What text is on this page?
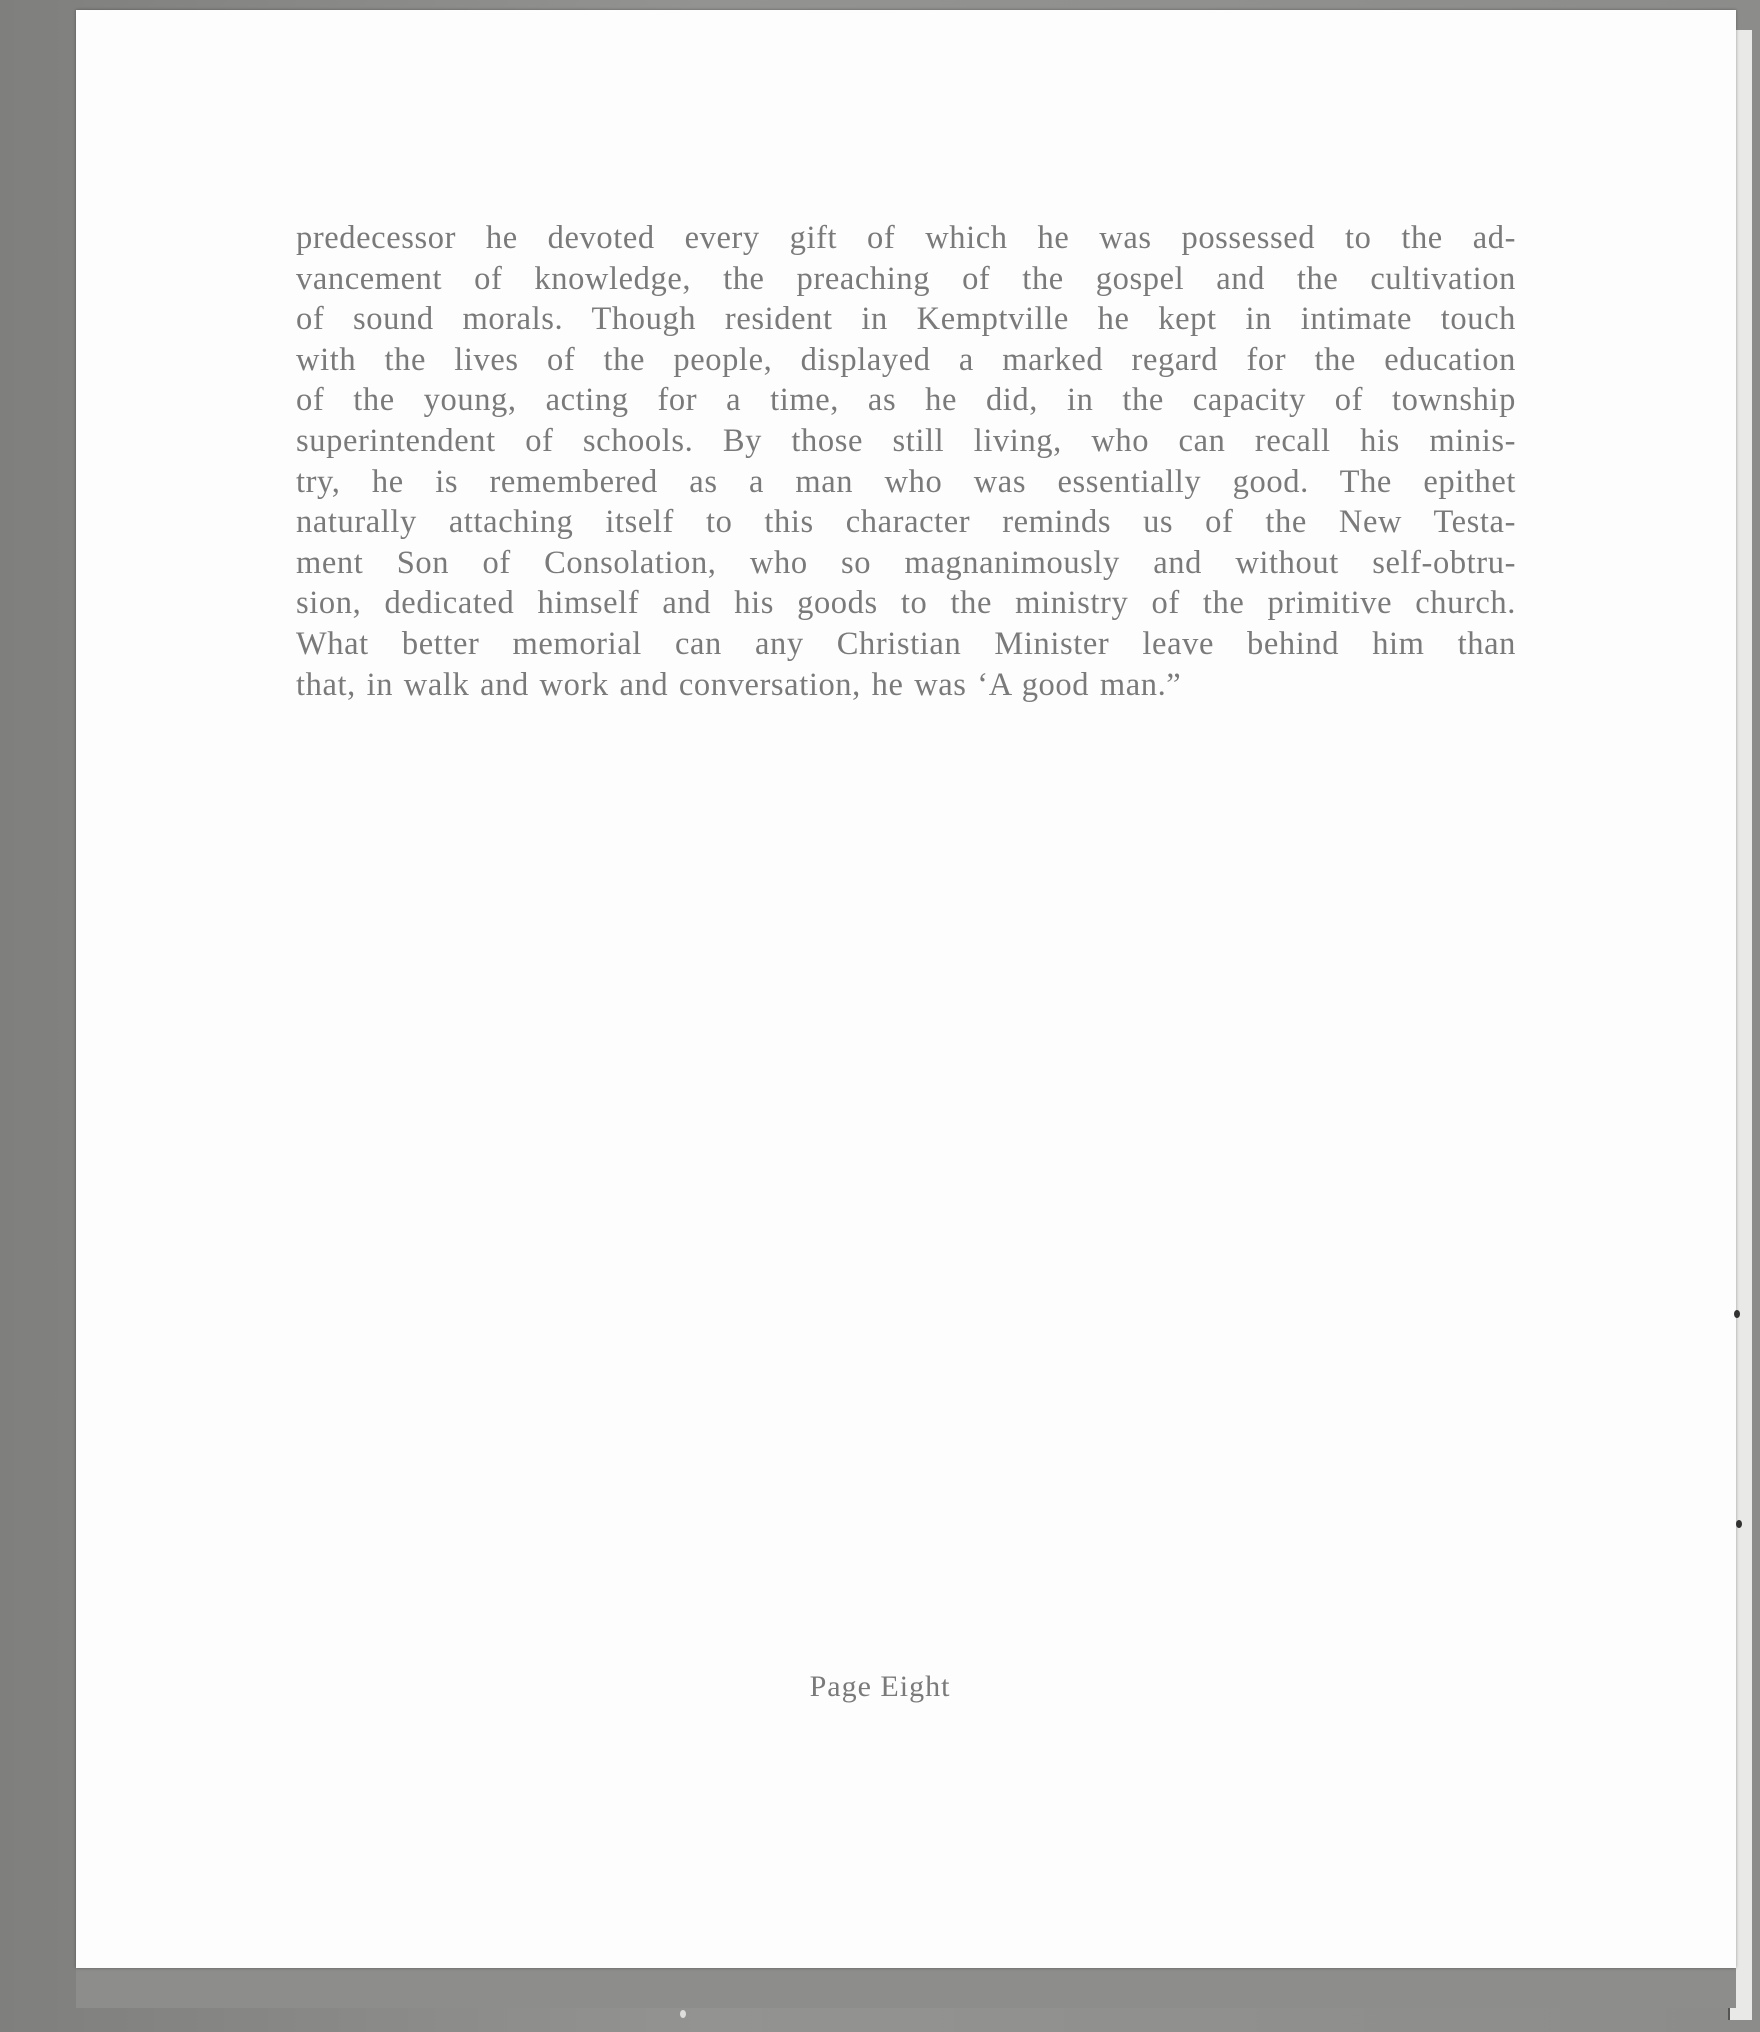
predecessor he devoted every gift of which he was possessed to the ad-
vancement of knowledge, the preaching of the gospel and the cultivation
of sound morals. Though resident in Kemptville he kept in intimate touch
with the lives of the people, displayed a marked regard for the education
of the young, acting for a time, as he did, in the capacity of township
superintendent of schools. By those still living, who can recall his minis-
try, he is remembered as a man who was essentially good. The epithet
naturally attaching itself to this character reminds us of the New Testa-
ment Son of Consolation, who so magnanimously and without self-obtru-
sion, dedicated himself and his goods to the ministry of the primitive church.
What better memorial can any Christian Minister leave behind him than
that, in walk and work and conversation, he was ‘A good man.”
Page Eight
